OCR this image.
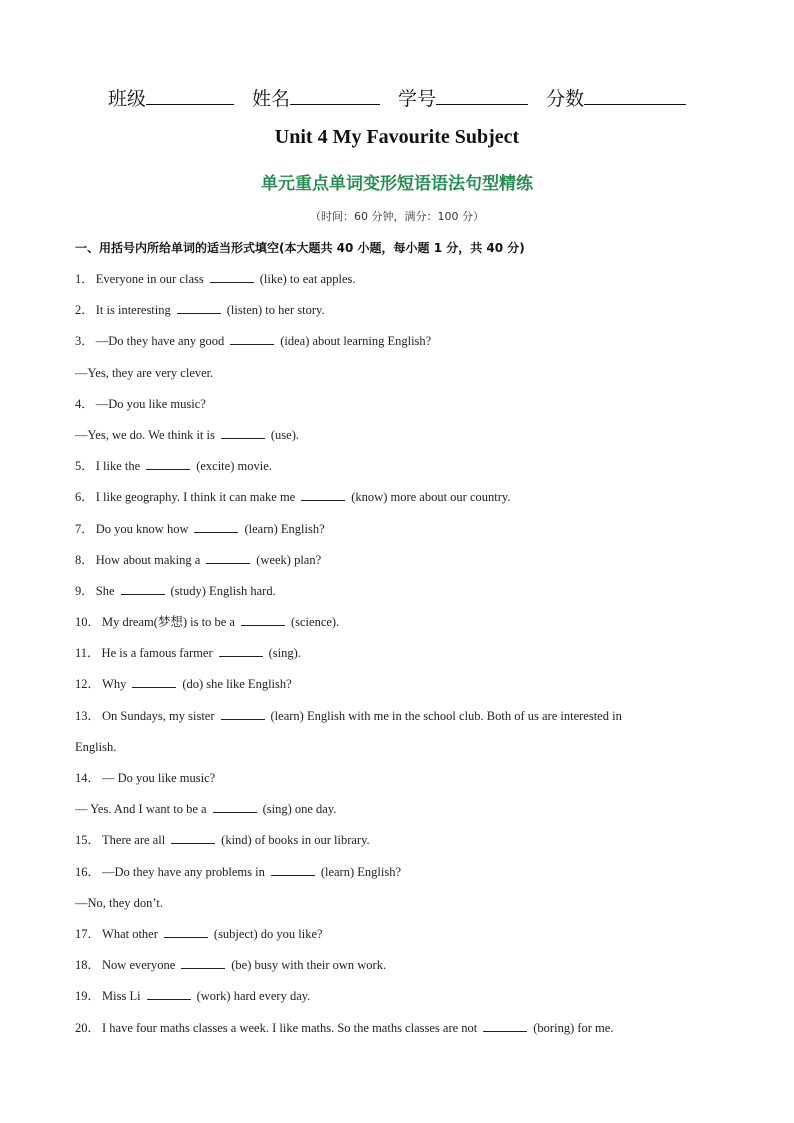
班级	姓名	学号	分数
Unit 4 My Favourite Subject
单元重点单词变形短语语法句型精练
（时间：60 分钟，满分：100 分）
一、用括号内所给单词的适当形式填空(本大题共 40 小题，每小题 1 分，共 40 分)
1． Everyone in our class	(like) to eat apples.
2． It is interesting	(listen) to her story.
3． —Do they have any good	(idea) about learning English?
—Yes, they are very clever.
4． —Do you like music?
—Yes, we do. We think it is	(use).
5． I like the	(excite) movie.
6． I like geography. I think it can make me	(know) more about our country.
7． Do you know how	(learn) English?
8． How about making a	(week) plan?
9． She	(study) English hard.
10． My dream(梦想) is to be a	(science).
11． He is a famous farmer	(sing).
12． Why	(do) she like English?
13． On Sundays, my sister	(learn) English with me in the school club. Both of us are interested in
English.
14． — Do you like music?
— Yes. And I want to be a	(sing) one day.
15． There are all	(kind) of books in our library.
16． —Do they have any problems in	(learn) English?
—No, they don’t.
17． What other	(subject) do you like?
18． Now everyone	(be) busy with their own work.
19． Miss Li	(work) hard every day.
20． I have four maths classes a week. I like maths. So the maths classes are not	(boring) for me.
